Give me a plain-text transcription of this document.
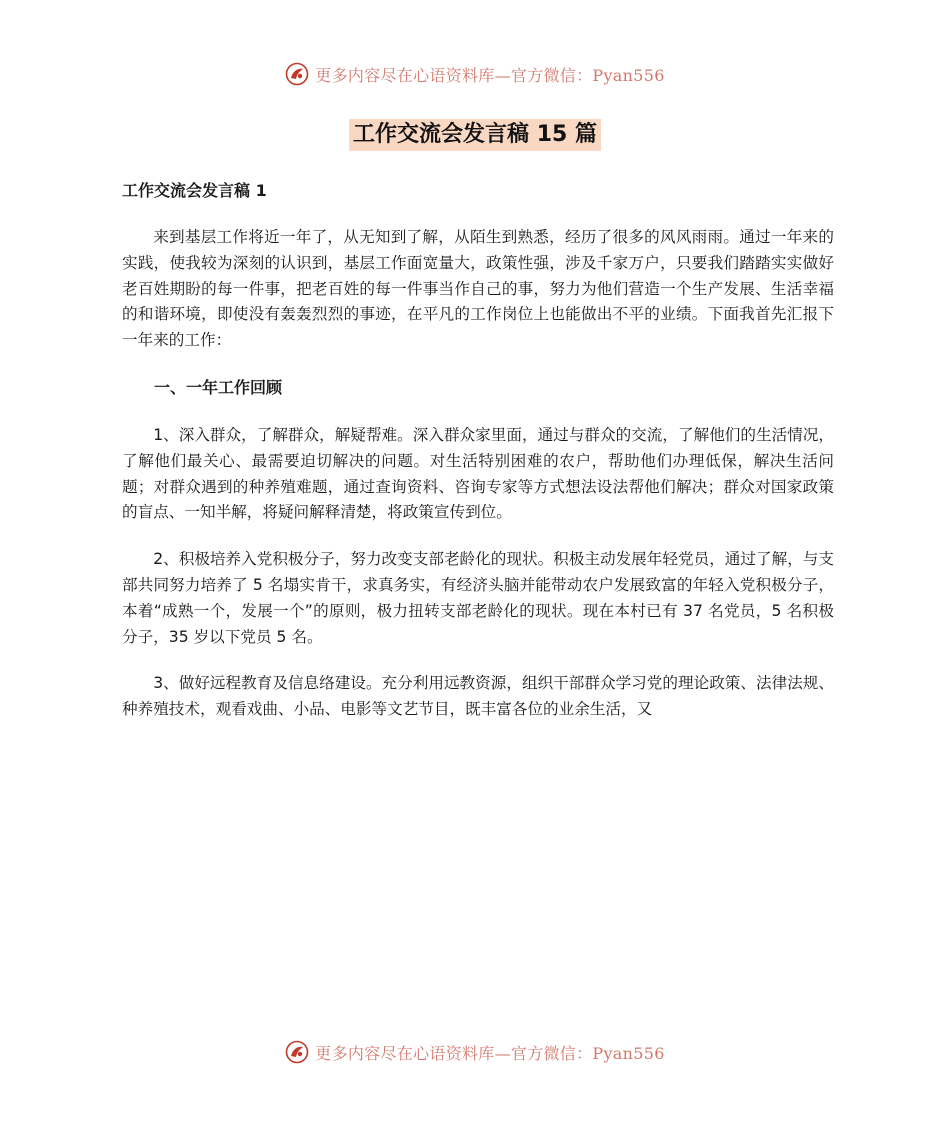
更多内容尽在心语资料库—官方微信：Pyan556
工作交流会发言稿 15 篇

工作交流会发言稿 1

来到基层工作将近一年了，从无知到了解，从陌生到熟悉，经历了很多的风风雨雨。通过一年来的实践，使我较为深刻的认识到，基层工作面宽量大，政策性强，涉及千家万户，只要我们踏踏实实做好老百姓期盼的每一件事，把老百姓的每一件事当作自己的事，努力为他们营造一个生产发展、生活幸福的和谐环境，即使没有轰轰烈烈的事迹，在平凡的工作岗位上也能做出不平的业绩。下面我首先汇报下一年来的工作：

一、一年工作回顾

1、深入群众，了解群众，解疑帮难。深入群众家里面，通过与群众的交流，了解他们的生活情况，了解他们最关心、最需要迫切解决的问题。对生活特别困难的农户，帮助他们办理低保，解决生活问题；对群众遇到的种养殖难题，通过查询资料、咨询专家等方式想法设法帮他们解决；群众对国家政策的盲点、一知半解，将疑问解释清楚，将政策宣传到位。

2、积极培养入党积极分子，努力改变支部老龄化的现状。积极主动发展年轻党员，通过了解，与支部共同努力培养了 5 名塌实肯干，求真务实，有经济头脑并能带动农户发展致富的年轻入党积极分子，本着“成熟一个，发展一个”的原则，极力扭转支部老龄化的现状。现在本村已有 37 名党员，5 名积极分子，35 岁以下党员 5 名。

3、做好远程教育及信息络建设。充分利用远教资源，组织干部群众学习党的理论政策、法律法规、种养殖技术，观看戏曲、小品、电影等文艺节目，既丰富各位的业余生活，又

更多内容尽在心语资料库—官方微信：Pyan556
